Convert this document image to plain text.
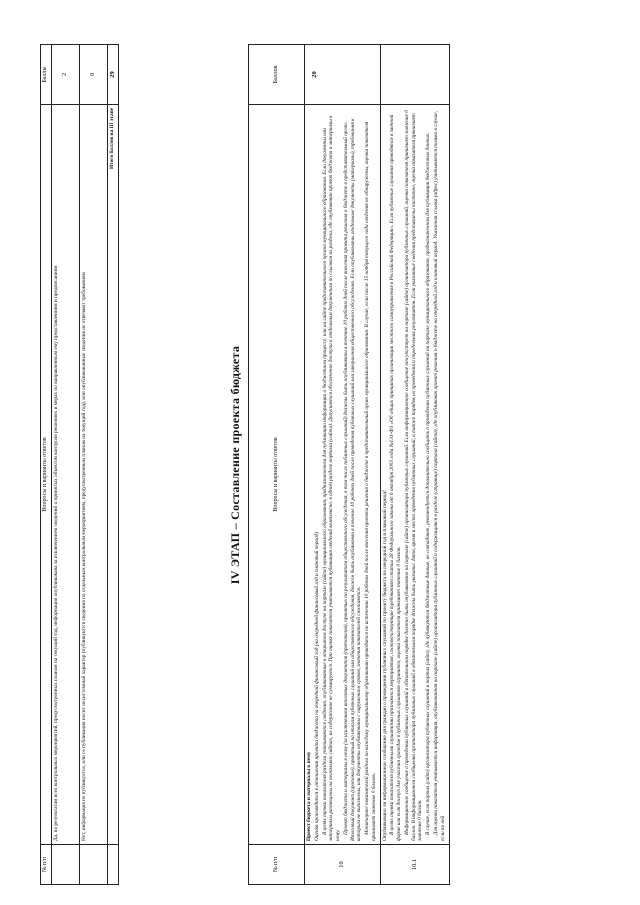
№ п/п	Вопросы и варианты ответов	Баллы
	Да, по результатам всех контрольных мероприятий, предусмотренных планом на текущий год, информация опубликована за исключением сведений о принятых объектом контроля решениях и мерах по направленным ему представлениям и предписаниям	2
	Нет, информация не публикуется, или се публикация носит несистемный характер (публикуются сведения по отдельным контрольным мероприятиям, предусмотренным планом на текущий год), или опубликованные сведения не отвечают требованиям	0
	Итого баллов на III этапе	29
IV ЭТАП – Составление проекта бюджета
№ п/п	Вопросы и варианты ответов	Баллов
10	Проект бюджета и материалы к нему Оценка производится в отношении проекта бюджета на очередной финансовый год (на очередной финансовый год и плановый период) В целях оценки показателя раздела учитываются сведения, опубликованные в открытом доступе на портале (сайте) муниципального образования, предназначенном для публикации информации о бюджетном процессе, или на сайте представительного органа муниципального образования. Если документы или материалы размещены на нескольких сайтах, их содержание не суммируется. При оценке показателя учитывается публикация сведений комплексно, в одном разделе портала (сайта). Допускается обеспечение доступа к отдельным документам по ссылкам из раздела, где опубликован проект бюджета и материалы к нему.

Проект бюджета и материалы к нему (за исключением итоговых документов (протоколов), принятых по результатам общественного обсуждения, в том числе публичных слушаний) должны быть опубликованы в течение 10 рабочих дней после внесения проекта решения о бюджете в представительный орган. Итоговый документ (протокол), принятый по итогам публичных слушаний или общественного обсуждения, должен быть опубликован в течение 10 рабочих дней после проведения публичных слушаний или завершения общественного обсуждения. Если опубликованы отдельные документы (материалы), требования к которым не выполнены, или документы опубликованы с нарушением сроков, значения показателей снижаются. Мониторинг показателей раздела по каждому муниципальному образованию проводится по истечении 10 рабочих дней после внесения проекта решения о бюджете в представительный орган муниципального образования. В случае, если после 15 ноября текущего года сведения не обнаружены, оценка показателя принимает значение 0 баллов.	20
10.1	Опубликовано ли информационное сообщение для граждан о проведении публичных слушаний по проекту бюджета на очередной год и плановый период? В целях оценки показателя публичными слушаниями признаются мероприятия, соответствующие требованиям статьи 28 Федерального закона от 6 октября 2003 года №131-ФЗ «Об общих принципах организации местного самоуправления в Российской Федерации». Если публичные слушания проводятся в заочной форме или если доступ для участия граждан в публичных слушаниях ограничен, оценка показателя принимает значение 0 баллов. Информационное сообщение о проведении публичных слушаний в обязательном порядке должно быть опубликовано на портале (сайте) организатора публичных слушаний. Если информационное сообщение отсутствует на портале (сайте) организатора публичных слушаний, оценка показателя принимает значение 0 баллов. В информационном сообщении организатора публичных слушаний в обязательном порядке должны быть указаны: дата, время и место проведения публичных слушаний, а также порядок их проведения и определения результатов. Если указанные сведения представлены частично, оценка показателя принимает значение 0 баллов. В случае, если портал (сайт) организатора публичных слушаний и портал (сайт), где публикуются бюджетные данные, не совпадают, рекомендуется дополнительно сообщать о проведении публичных слушаний на портале муниципального образования, предназначенном для публикации бюджетных данных. Для оценки показателя учитывается информация, опубликованная на портале (сайте) организатора публичных слушаний и содержащаяся в разделе (странице) портала (сайта), где опубликован проект решения о бюджете на очередной год и плановый период. Указанная ссылка (адрес) учитывается только в случае, если по ней	
